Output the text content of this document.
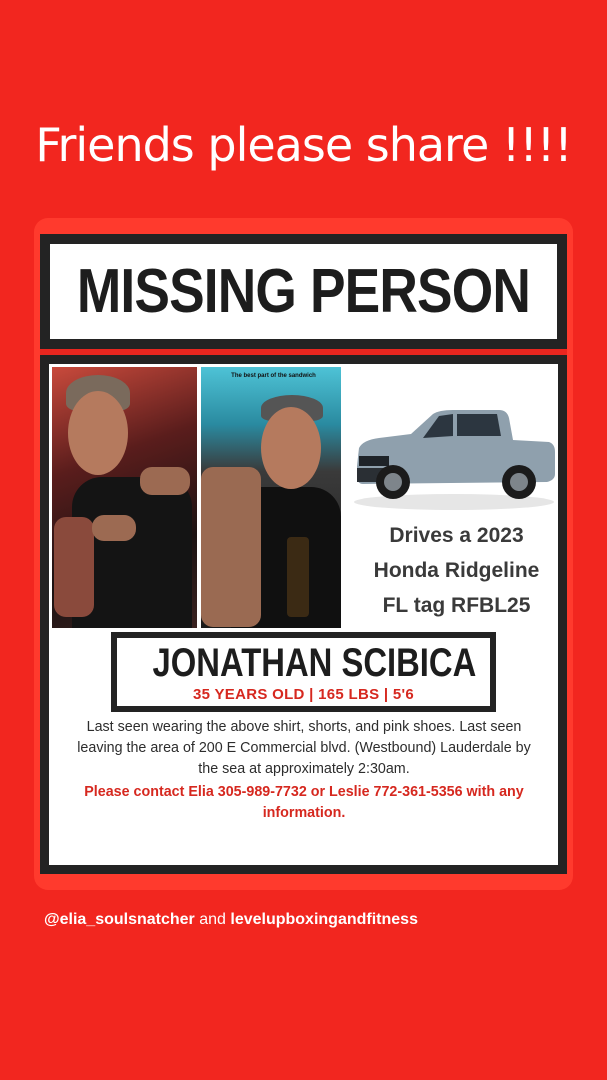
Friends please share !!!!
MISSING PERSON
The best part of the sandwich
Drives a 2023
Honda Ridgeline
FL tag RFBL25
JONATHAN SCIBICA
35 YEARS OLD | 165 LBS | 5'6
Last seen wearing the above shirt, shorts, and pink shoes. Last seen leaving the area of 200 E Commercial blvd. (Westbound) Lauderdale by the sea at approximately 2:30am.
Please contact Elia 305-989-7732 or Leslie 772-361-5356 with any information.
@elia_soulsnatcher and levelupboxingandfitness
